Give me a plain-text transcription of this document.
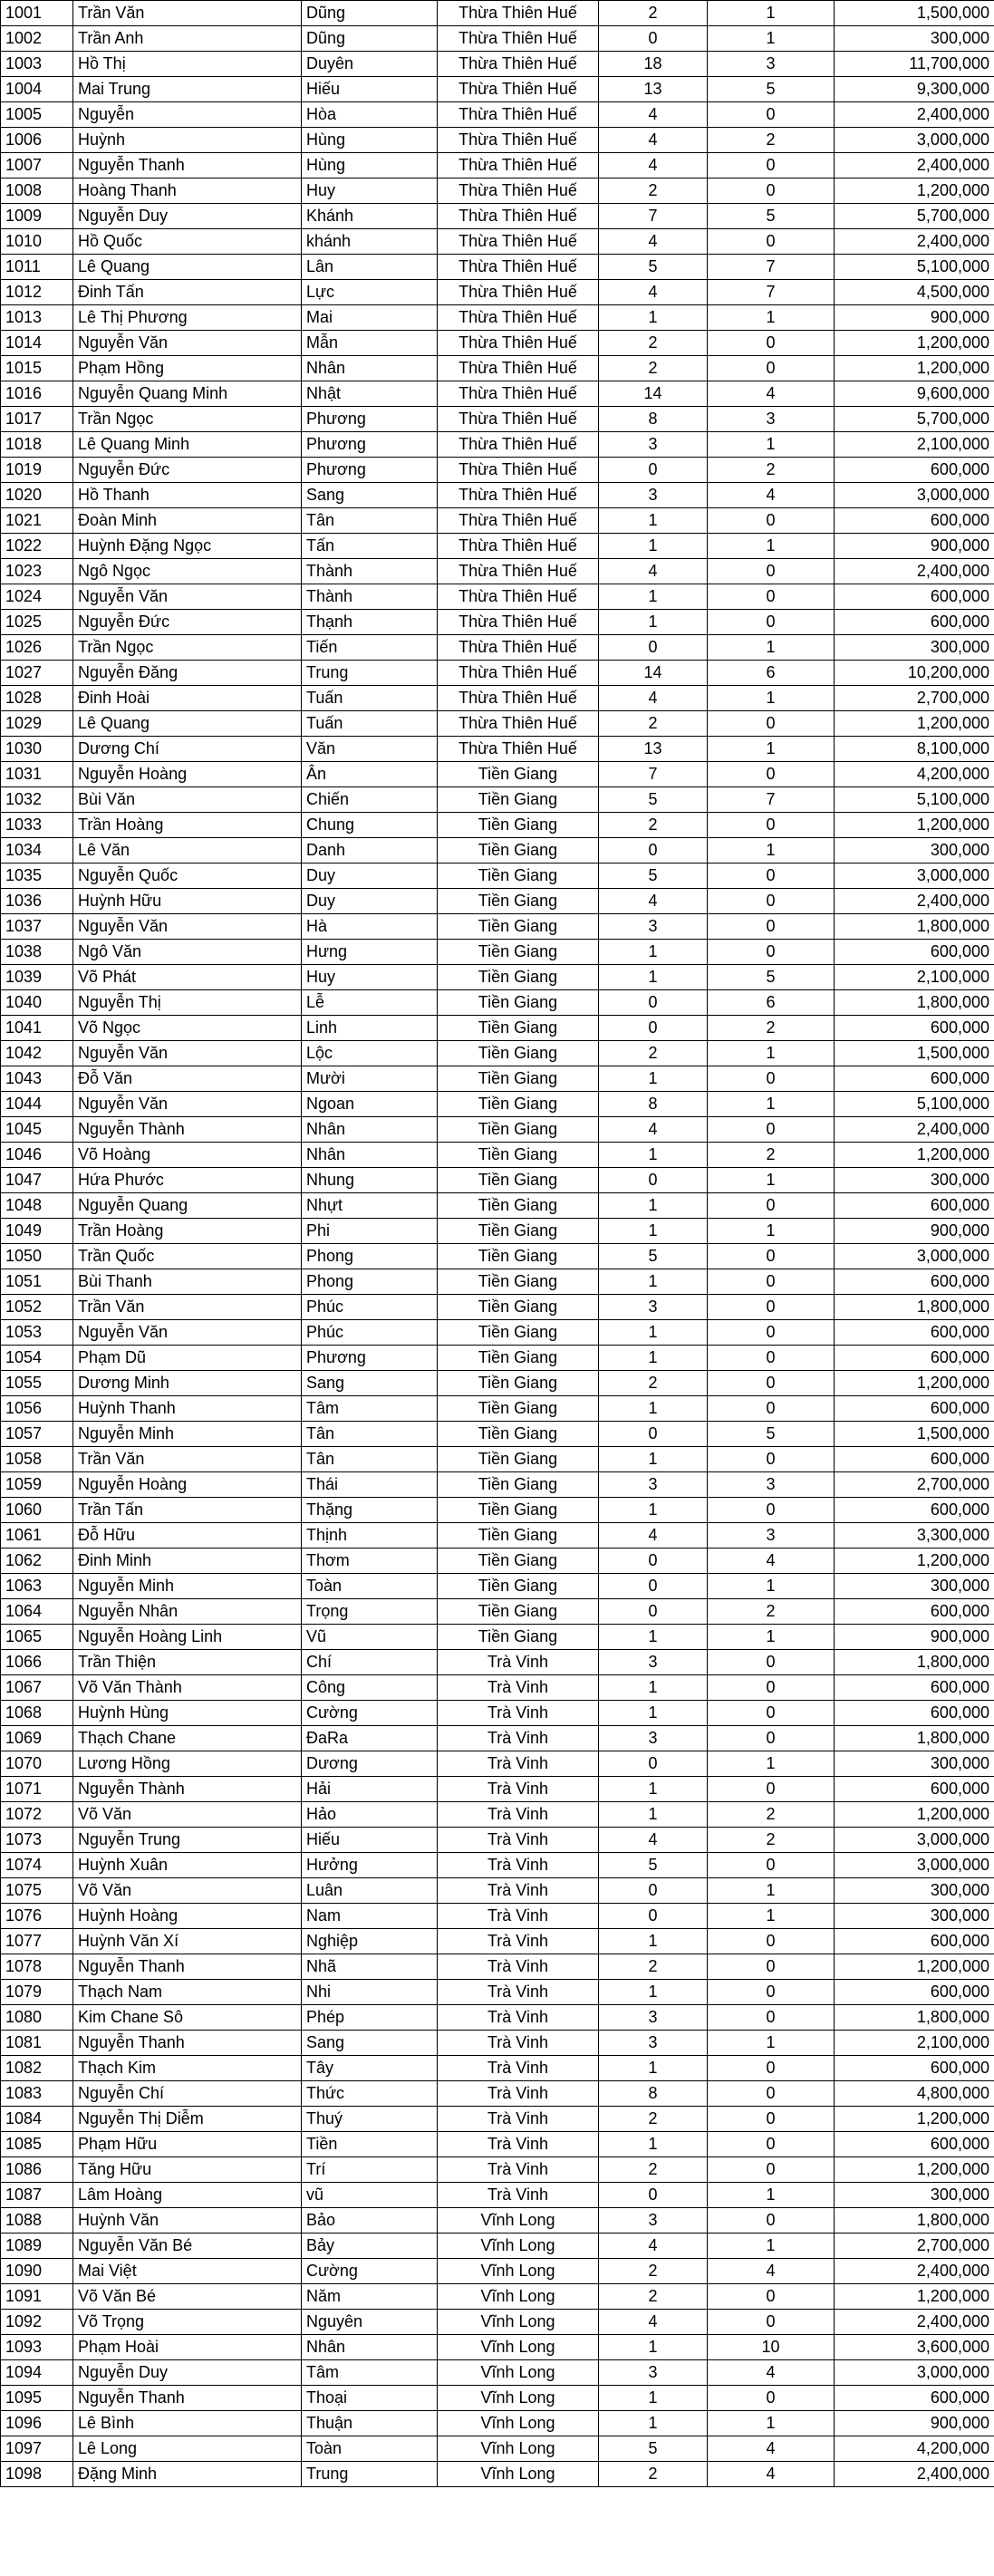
1001	Trần Văn	Dũng	Thừa Thiên Huế	2	1	1,500,000
1002	Trần Anh	Dũng	Thừa Thiên Huế	0	1	300,000
1003	Hồ Thị	Duyên	Thừa Thiên Huế	18	3	11,700,000
1004	Mai Trung	Hiếu	Thừa Thiên Huế	13	5	9,300,000
1005	Nguyễn	Hòa	Thừa Thiên Huế	4	0	2,400,000
1006	Huỳnh	Hùng	Thừa Thiên Huế	4	2	3,000,000
1007	Nguyễn Thanh	Hùng	Thừa Thiên Huế	4	0	2,400,000
1008	Hoàng Thanh	Huy	Thừa Thiên Huế	2	0	1,200,000
1009	Nguyễn Duy	Khánh	Thừa Thiên Huế	7	5	5,700,000
1010	Hồ Quốc	khánh	Thừa Thiên Huế	4	0	2,400,000
1011	Lê Quang	Lân	Thừa Thiên Huế	5	7	5,100,000
1012	Đinh Tấn	Lực	Thừa Thiên Huế	4	7	4,500,000
1013	Lê Thị Phương	Mai	Thừa Thiên Huế	1	1	900,000
1014	Nguyễn Văn	Mẫn	Thừa Thiên Huế	2	0	1,200,000
1015	Phạm Hồng	Nhân	Thừa Thiên Huế	2	0	1,200,000
1016	Nguyễn Quang Minh	Nhật	Thừa Thiên Huế	14	4	9,600,000
1017	Trần Ngọc	Phương	Thừa Thiên Huế	8	3	5,700,000
1018	Lê Quang Minh	Phương	Thừa Thiên Huế	3	1	2,100,000
1019	Nguyễn Đức	Phương	Thừa Thiên Huế	0	2	600,000
1020	Hồ Thanh	Sang	Thừa Thiên Huế	3	4	3,000,000
1021	Đoàn Minh	Tân	Thừa Thiên Huế	1	0	600,000
1022	Huỳnh Đặng Ngọc	Tấn	Thừa Thiên Huế	1	1	900,000
1023	Ngô Ngọc	Thành	Thừa Thiên Huế	4	0	2,400,000
1024	Nguyễn Văn	Thành	Thừa Thiên Huế	1	0	600,000
1025	Nguyễn Đức	Thạnh	Thừa Thiên Huế	1	0	600,000
1026	Trần Ngọc	Tiến	Thừa Thiên Huế	0	1	300,000
1027	Nguyễn Đăng	Trung	Thừa Thiên Huế	14	6	10,200,000
1028	Đinh Hoài	Tuấn	Thừa Thiên Huế	4	1	2,700,000
1029	Lê Quang	Tuấn	Thừa Thiên Huế	2	0	1,200,000
1030	Dương Chí	Văn	Thừa Thiên Huế	13	1	8,100,000
1031	Nguyễn Hoàng	Ân	Tiền Giang	7	0	4,200,000
1032	Bùi Văn	Chiến	Tiền Giang	5	7	5,100,000
1033	Trần Hoàng	Chung	Tiền Giang	2	0	1,200,000
1034	Lê Văn	Danh	Tiền Giang	0	1	300,000
1035	Nguyễn Quốc	Duy	Tiền Giang	5	0	3,000,000
1036	Huỳnh Hữu	Duy	Tiền Giang	4	0	2,400,000
1037	Nguyễn Văn	Hà	Tiền Giang	3	0	1,800,000
1038	Ngô Văn	Hưng	Tiền Giang	1	0	600,000
1039	Võ Phát	Huy	Tiền Giang	1	5	2,100,000
1040	Nguyễn Thị	Lễ	Tiền Giang	0	6	1,800,000
1041	Võ Ngọc	Linh	Tiền Giang	0	2	600,000
1042	Nguyễn Văn	Lộc	Tiền Giang	2	1	1,500,000
1043	Đỗ Văn	Mười	Tiền Giang	1	0	600,000
1044	Nguyễn Văn	Ngoan	Tiền Giang	8	1	5,100,000
1045	Nguyễn Thành	Nhân	Tiền Giang	4	0	2,400,000
1046	Võ Hoàng	Nhân	Tiền Giang	1	2	1,200,000
1047	Hứa Phước	Nhung	Tiền Giang	0	1	300,000
1048	Nguyễn Quang	Nhựt	Tiền Giang	1	0	600,000
1049	Trần Hoàng	Phi	Tiền Giang	1	1	900,000
1050	Trần Quốc	Phong	Tiền Giang	5	0	3,000,000
1051	Bùi Thanh	Phong	Tiền Giang	1	0	600,000
1052	Trần Văn	Phúc	Tiền Giang	3	0	1,800,000
1053	Nguyễn Văn	Phúc	Tiền Giang	1	0	600,000
1054	Phạm Dũ	Phương	Tiền Giang	1	0	600,000
1055	Dương Minh	Sang	Tiền Giang	2	0	1,200,000
1056	Huỳnh Thanh	Tâm	Tiền Giang	1	0	600,000
1057	Nguyễn Minh	Tân	Tiền Giang	0	5	1,500,000
1058	Trần Văn	Tân	Tiền Giang	1	0	600,000
1059	Nguyễn Hoàng	Thái	Tiền Giang	3	3	2,700,000
1060	Trần Tấn	Thặng	Tiền Giang	1	0	600,000
1061	Đỗ Hữu	Thịnh	Tiền Giang	4	3	3,300,000
1062	Đinh Minh	Thơm	Tiền Giang	0	4	1,200,000
1063	Nguyễn Minh	Toàn	Tiền Giang	0	1	300,000
1064	Nguyễn Nhân	Trọng	Tiền Giang	0	2	600,000
1065	Nguyễn Hoàng Linh	Vũ	Tiền Giang	1	1	900,000
1066	Trần Thiện	Chí	Trà Vinh	3	0	1,800,000
1067	Võ Văn Thành	Công	Trà Vinh	1	0	600,000
1068	Huỳnh Hùng	Cường	Trà Vinh	1	0	600,000
1069	Thạch Chane	ĐaRa	Trà Vinh	3	0	1,800,000
1070	Lương Hồng	Dương	Trà Vinh	0	1	300,000
1071	Nguyễn Thành	Hải	Trà Vinh	1	0	600,000
1072	Võ Văn	Hảo	Trà Vinh	1	2	1,200,000
1073	Nguyễn Trung	Hiếu	Trà Vinh	4	2	3,000,000
1074	Huỳnh Xuân	Hưởng	Trà Vinh	5	0	3,000,000
1075	Võ Văn	Luân	Trà Vinh	0	1	300,000
1076	Huỳnh Hoàng	Nam	Trà Vinh	0	1	300,000
1077	Huỳnh Văn Xí	Nghiệp	Trà Vinh	1	0	600,000
1078	Nguyễn Thanh	Nhã	Trà Vinh	2	0	1,200,000
1079	Thạch Nam	Nhi	Trà Vinh	1	0	600,000
1080	Kim Chane Sô	Phép	Trà Vinh	3	0	1,800,000
1081	Nguyễn Thanh	Sang	Trà Vinh	3	1	2,100,000
1082	Thạch Kim	Tây	Trà Vinh	1	0	600,000
1083	Nguyễn Chí	Thức	Trà Vinh	8	0	4,800,000
1084	Nguyễn Thị Diễm	Thuý	Trà Vinh	2	0	1,200,000
1085	Phạm Hữu	Tiền	Trà Vinh	1	0	600,000
1086	Tăng Hữu	Trí	Trà Vinh	2	0	1,200,000
1087	Lâm Hoàng	vũ	Trà Vinh	0	1	300,000
1088	Huỳnh Văn	Bảo	Vĩnh Long	3	0	1,800,000
1089	Nguyễn Văn Bé	Bảy	Vĩnh Long	4	1	2,700,000
1090	Mai Việt	Cường	Vĩnh Long	2	4	2,400,000
1091	Võ Văn Bé	Năm	Vĩnh Long	2	0	1,200,000
1092	Võ Trọng	Nguyên	Vĩnh Long	4	0	2,400,000
1093	Phạm Hoài	Nhân	Vĩnh Long	1	10	3,600,000
1094	Nguyễn Duy	Tâm	Vĩnh Long	3	4	3,000,000
1095	Nguyễn Thanh	Thoại	Vĩnh Long	1	0	600,000
1096	Lê Bình	Thuận	Vĩnh Long	1	1	900,000
1097	Lê Long	Toàn	Vĩnh Long	5	4	4,200,000
1098	Đặng Minh	Trung	Vĩnh Long	2	4	2,400,000
